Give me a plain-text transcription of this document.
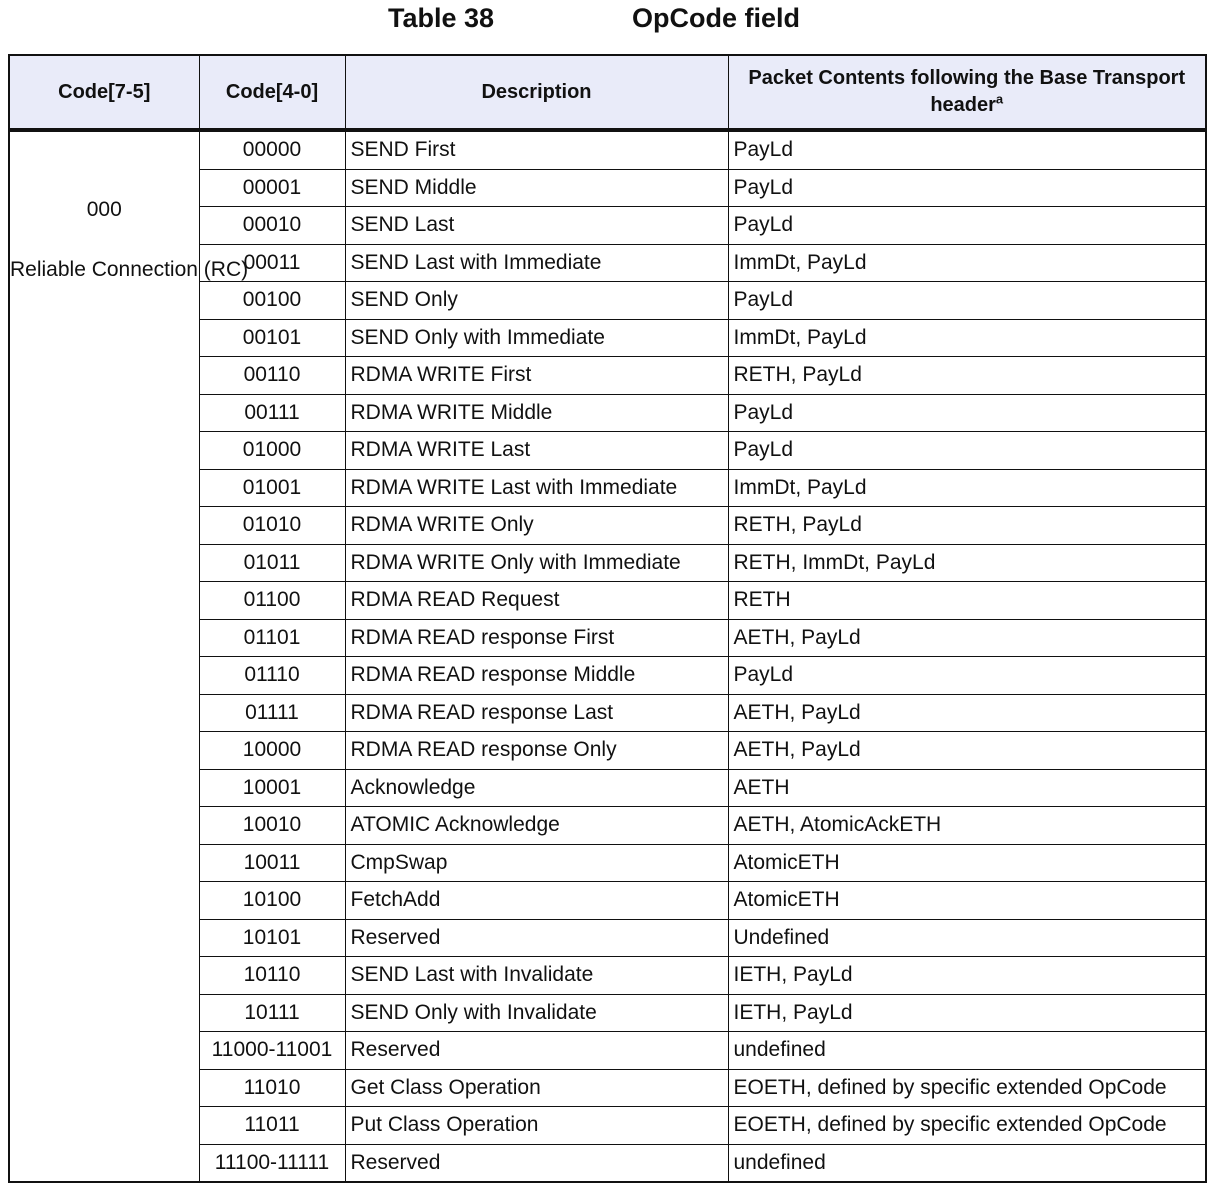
Table 38	OpCode field
Code[7-5]	Code[4-0]	Description	Packet Contents following the Base Transport header$^a$

000
Reliable Connection (RC)	00000	SEND First	PayLd
	00001	SEND Middle	PayLd
	00010	SEND Last	PayLd
	00011	SEND Last with Immediate	ImmDt, PayLd
	00100	SEND Only	PayLd
	00101	SEND Only with Immediate	ImmDt, PayLd
	00110	RDMA WRITE First	RETH, PayLd
	00111	RDMA WRITE Middle	PayLd
	01000	RDMA WRITE Last	PayLd
	01001	RDMA WRITE Last with Immediate	ImmDt, PayLd
	01010	RDMA WRITE Only	RETH, PayLd
	01011	RDMA WRITE Only with Immediate	RETH, ImmDt, PayLd
	01100	RDMA READ Request	RETH
	01101	RDMA READ response First	AETH, PayLd
	01110	RDMA READ response Middle	PayLd
	01111	RDMA READ response Last	AETH, PayLd
	10000	RDMA READ response Only	AETH, PayLd
	10001	Acknowledge	AETH
	10010	ATOMIC Acknowledge	AETH, AtomicAckETH
	10011	CmpSwap	AtomicETH
	10100	FetchAdd	AtomicETH
	10101	Reserved	Undefined
	10110	SEND Last with Invalidate	IETH, PayLd
	10111	SEND Only with Invalidate	IETH, PayLd
	11000-11001	Reserved	undefined
	11010	Get Class Operation	EOETH, defined by specific extended OpCode
	11011	Put Class Operation	EOETH, defined by specific extended OpCode
	11100-11111	Reserved	undefined
